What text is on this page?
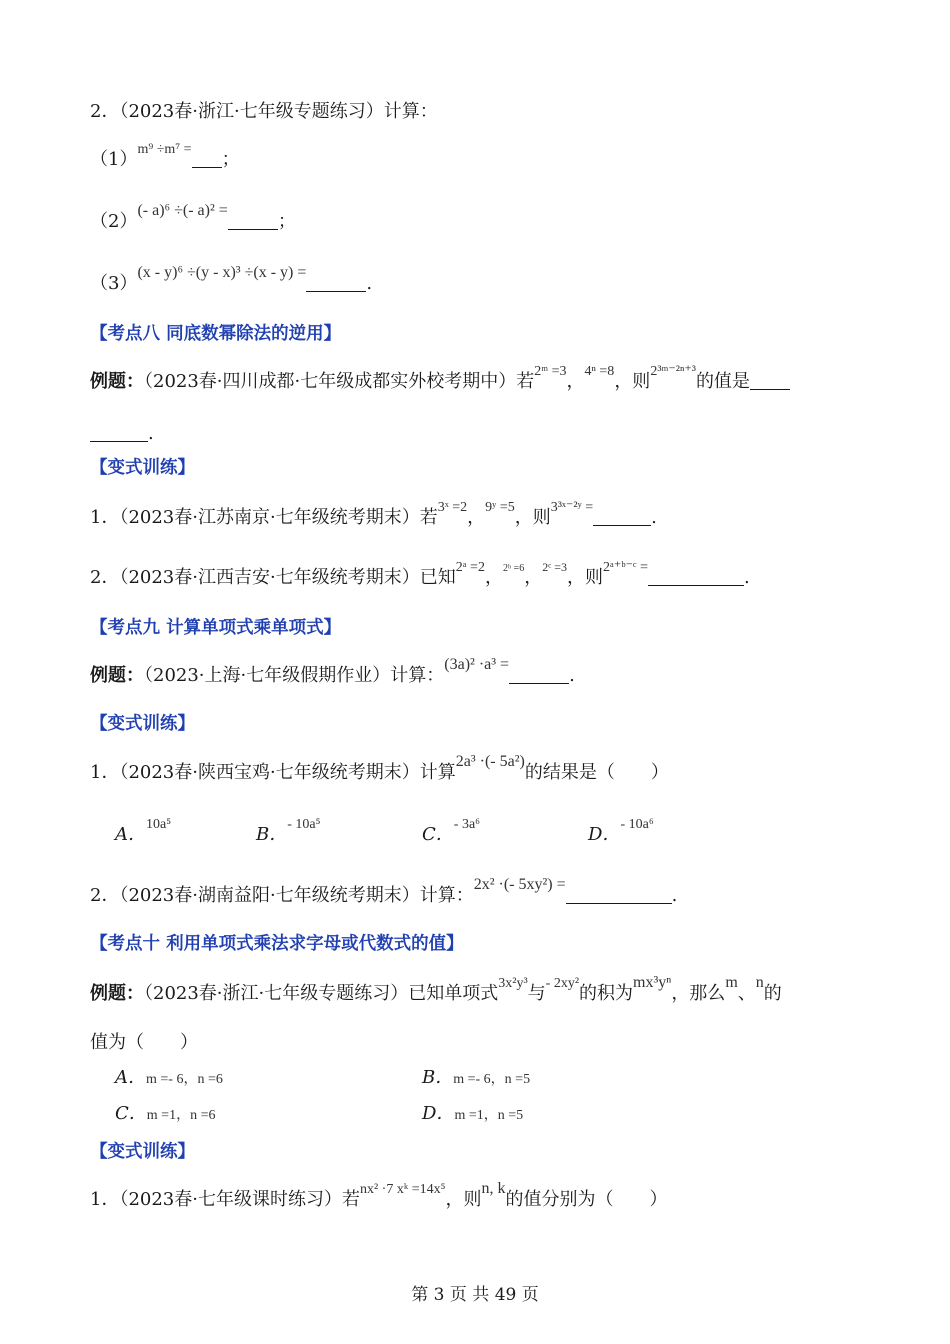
2．（2023春·浙江·七年级专题练习）计算：
（1）m⁹ ÷m⁷ = ；
（2）(- a)⁶ ÷(- a)² =；
（3）(x - y)⁶ ÷(y - x)³ ÷(x - y) =.
【考点八 同底数幂除法的逆用】
例题：（2023春·四川成都·七年级成都实外校考期中）若2ᵐ =3，4ⁿ =8，则2³ᵐ⁻²ⁿ⁺³的值是
.
【变式训练】
1．（2023春·江苏南京·七年级统考期末）若3ˣ =2，9ʸ =5，则3³ˣ⁻²ʸ =	.
2．（2023春·江西吉安·七年级统考期末）已知2ᵃ =2，2ᵇ =6，2ᶜ =3，则2ᵃ⁺ᵇ⁻ᶜ =	.
【考点九 计算单项式乘单项式】
例题：（2023·上海·七年级假期作业）计算：(3a)² ·a³ =.
【变式训练】
1．（2023春·陕西宝鸡·七年级统考期末）计算2a³ ·(- 5a²)的结果是（　　）
A．10a⁵	B．- 10a⁵	C．- 3a⁶	D．- 10a⁶
2．（2023春·湖南益阳·七年级统考期末）计算：2x² ·(- 5xy²) =.
【考点十 利用单项式乘法求字母或代数式的值】
例题：（2023春·浙江·七年级专题练习）已知单项式3x²y³与- 2xy²的积为mx³yⁿ，那么m、n的
值为（　　）
A．m =- 6，n =6	B．m =- 6，n =5
C．m =1，n =6	D．m =1，n =5
【变式训练】
1．（2023春·七年级课时练习）若nx² ·7 xᵏ =14x⁵，则n, k的值分别为（　　）
第 3 页 共 49 页
